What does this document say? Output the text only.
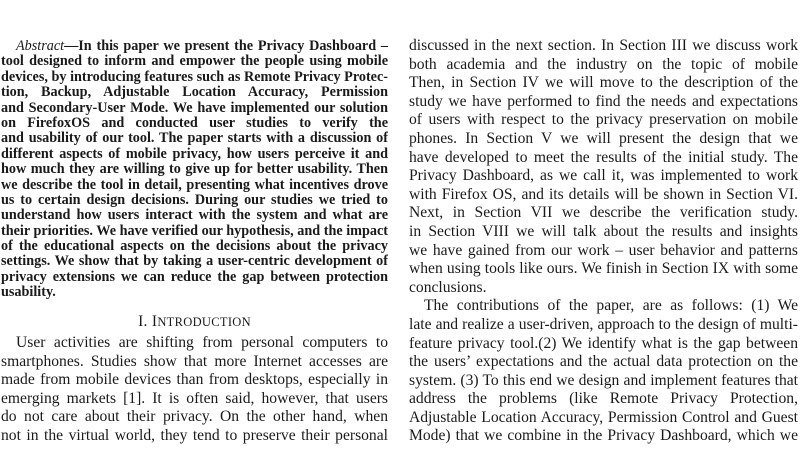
Abstract—In this paper we present the Privacy Dashboard –
tool designed to inform and empower the people using mobile
devices, by introducing features such as Remote Privacy Protec-
tion, Backup, Adjustable Location Accuracy, Permission
and Secondary-User Mode. We have implemented our solution
on FirefoxOS and conducted user studies to verify the
and usability of our tool. The paper starts with a discussion of
different aspects of mobile privacy, how users perceive it and
how much they are willing to give up for better usability. Then
we describe the tool in detail, presenting what incentives drove
us to certain design decisions. During our studies we tried to
understand how users interact with the system and what are
their priorities. We have verified our hypothesis, and the impact
of the educational aspects on the decisions about the privacy
settings. We show that by taking a user-centric development of
privacy extensions we can reduce the gap between protection
usability.
I. INTRODUCTION
User activities are shifting from personal computers to
smartphones. Studies show that more Internet accesses are
made from mobile devices than from desktops, especially in
emerging markets [1]. It is often said, however, that users
do not care about their privacy. On the other hand, when
not in the virtual world, they tend to preserve their personal
discussed in the next section. In Section III we discuss work
both academia and the industry on the topic of mobile
Then, in Section IV we will move to the description of the
study we have performed to find the needs and expectations
of users with respect to the privacy preservation on mobile
phones. In Section V we will present the design that we
have developed to meet the results of the initial study. The
Privacy Dashboard, as we call it, was implemented to work
with Firefox OS, and its details will be shown in Section VI.
Next, in Section VII we describe the verification study.
in Section VIII we will talk about the results and insights
we have gained from our work – user behavior and patterns
when using tools like ours. We finish in Section IX with some
conclusions.
The contributions of the paper, are as follows: (1) We
late and realize a user-driven, approach to the design of multi-
feature privacy tool.(2) We identify what is the gap between
the users’ expectations and the actual data protection on the
system. (3) To this end we design and implement features that
address the problems (like Remote Privacy Protection,
Adjustable Location Accuracy, Permission Control and Guest
Mode) that we combine in the Privacy Dashboard, which we
